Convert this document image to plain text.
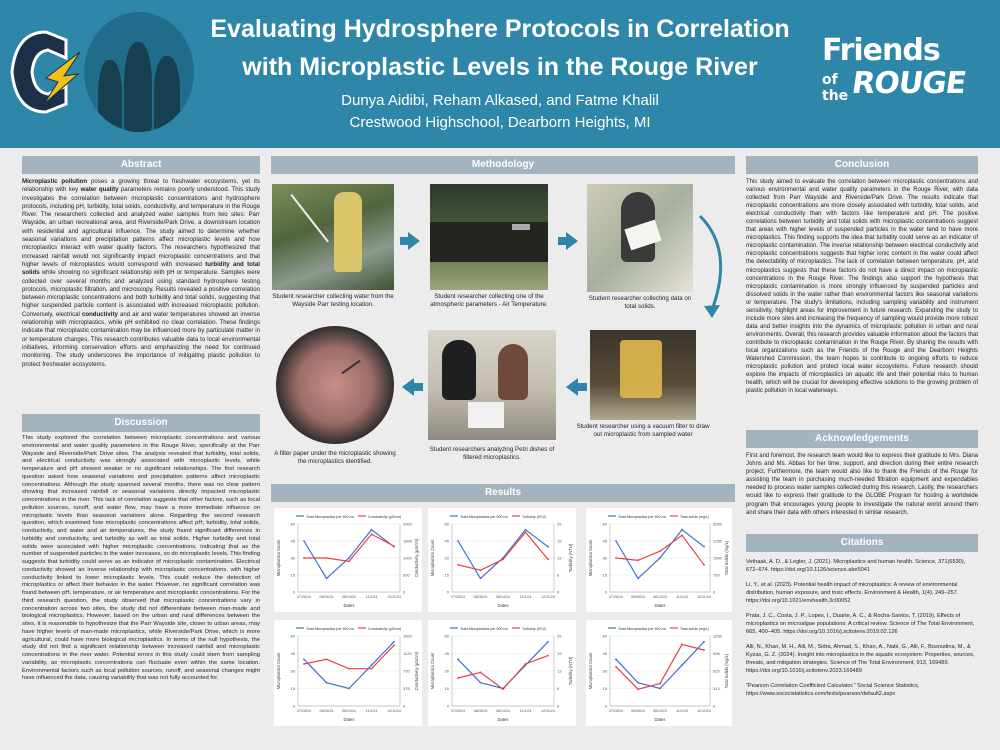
Evaluating Hydrosphere Protocols in Correlation
with Microplastic Levels in the Rouge River
Dunya Aidibi, Reham Alkased, and Fatme Khalil
Crestwood Highschool, Dearborn Heights, MI
Friends
of theROUGE
Abstract
Microplastic pollution poses a growing threat to freshwater ecosystems, yet its relationship with key water quality parameters remains poorly understood. This study investigates the correlation between microplastic concentrations and hydrosphere protocols, including pH, turbidity, total solids, conductivity, and temperature in the Rouge River. The researchers collected and analyzed water samples from two sites: Parr Wayside, an urban recreational area, and Riverside/Park Drive, a downstream location with residential and agricultural influence. The study aimed to determine whether seasonal variations and precipitation patterns affect microplastic levels and how microplastics interact with water quality factors. The researchers hypothesized that increased rainfall would not significantly impact microplastic concentrations and that higher levels of microplastics would correspond with increased turbidity and total solids while showing no significant relationship with pH or temperature. Samples were collected over several months and analyzed using standard hydrosphere testing protocols, microplastic filtration, and microscopy. Results revealed a positive correlation between microplastic concentrations and both turbidity and total solids, suggesting that higher suspended particle content is associated with increased microplastic pollution. Conversely, electrical conductivity and air and water temperatures showed an inverse relationship with microplastics, while pH exhibited no clear correlation. These findings indicate that microplastic contamination may be influenced more by particulate matter in or temperature changes. This research contributes valuable data to local environmental initiatives, informing conservation efforts and emphasizing the need for continued monitoring. The study underscores the importance of mitigating plastic pollution to protect freshwater ecosystems.
Discussion
This study explored the correlation between microplastic concentrations and various environmental and water quality parameters in the Rouge River, specifically at the Parr Wayside and Riverside/Park Drive sites. The analysis revealed that turbidity, total solids, and electrical conductivity was strongly associated with microplastic levels, while temperature and pH showed weaker or no significant relationships. The first research question asked how seasonal variations and precipitation patterns affect microplastic concentrations. Although the study spanned several months, there was no clear pattern showing that increased rainfall or seasonal variations directly impacted microplastic concentrations in the river. This lack of correlation suggests that other factors, such as local pollution sources, runoff, and water flow, may have a more immediate influence on microplastic levels than seasonal variations alone. Regarding the second research question, which examined how microplastic concentrations affect pH, turbidity, total solids, conductivity, and water and air temperatures, the study found significant differences in turbidity and conductivity, and turbidity as well as total solids. Higher turbidity and total solids were associated with higher microplastic concentrations, indicating that as the number of suspended particles in the water increases, so do microplastic levels. This finding suggests that turbidity could serve as an indicator of microplastic contamination. Electrical conductivity showed an inverse relationship with microplastic concentrations, with higher conductivity linked to lower microplastic levels. This could reduce the detection of microplastics or affect their behavior in the water. However, no significant correlation was found between pH, temperature, or air temperature and microplastic concentrations. For the third research question, the study observed that microplastic concentrations vary in concentration across two sites, the study did not differentiate between man-made and biological microplastics. However, based on the urban and rural differences between the sites, it is reasonable to hypothesize that the Parr Wayside site, closer to urban areas, may have higher levels of man-made microplastics, while Riverside/Park Drive, which is more agricultural, could have more biological microplastics. In terms of the null hypothesis, the study did not find a significant relationship between increased rainfall and microplastic concentrations in the river water. Potential errors in this study could stem from sampling variability, as microplastic concentrations can fluctuate even within the same location. Environmental factors such as local pollution sources, runoff, and seasonal changes might have influenced the data, causing variability that was not fully accounted for.
Methodology
Student researcher collecting water from the Wayside Parr testing location.
Student researcher collecting one of the atmospheric parameters - Air Temperature.
Student researcher collecting data on total solids.
A filter paper under the microplastic showing the microplastics identified.
Student researchers analyzing Petri dishes of filtered microplastics.
Student researcher using a vacuum filter to draw out microplastic from sampled water
Results
Total Microplastics per 500 mL	Conductivity (µS/cm)
0	0
15	500
30	1000
45	1500
60	2000
07/26/24 08/05/24 08/14/24	11/1/24	12/11/24
Dates
Microplastics Count	Conductivity (µS/cm)
Total Microplastics per 500 mL	Turbidity (NTU)
0	0
15	6
30	13
45	19
60	25
07/26/24 08/05/24 08/14/24	11/1/24	12/11/24
Dates
Microplastics Count	Turbidity (NTU)
Total Microplastics per 500 mL	Total solids (mg/L)
0	0
15	750
30	1500
45	2250
60	3000
07/26/24 08/05/24 08/14/24	11/1/24	12/11/24
Dates
Microplastics Count	Total Solids (mg/L)
Total Microplastics per 500 mL	Conductivity (µS/cm)
0	0
15	375
30	750
45	1125
60	1500
07/26/24 08/05/24 08/14/24	11/1/24	12/11/24
Dates
Microplastics Count	Conductivity (µS/cm)
Total Microplastics per 500 mL	Turbidity (NTU)
0	0
15	6
30	13
45	19
60	25
07/26/24 08/05/24 08/14/24	11/1/24	12/11/24
Dates
Microplastics Count	Turbidity (NTU)
Total Microplastics per 500 mL	Total solids (mg/L)
0	0
15	313
30	625
45	938
60	1250
07/26/24 08/05/24 08/14/24	11/1/24	12/11/24
Dates
Microplastics Count	Total Solids (mg/L)
Conclusion
This study aimed to evaluate the correlation between microplastic concentrations and various environmental and water quality parameters in the Rouge River, with data collected from Parr Wayside and Riverside/Park Drive. The results indicate that microplastic concentrations are more closely associated with turbidity, total solids, and electrical conductivity than with factors like temperature and pH. The positive correlations between turbidity and total solids with microplastic concentrations suggest that areas with higher levels of suspended particles in the water tend to have more microplastics. This finding supports the idea that turbidity could serve as an indicator of microplastic contamination. The inverse relationship between electrical conductivity and microplastic concentrations suggests that higher ionic content in the water could affect the detectability of microplastics. The lack of correlation between temperature, pH, and microplastics suggests that these factors do not have a direct impact on microplastic concentrations in the Rouge River. The findings also support the hypothesis that microplastic contamination is more strongly influenced by suspended particles and dissolved solids in the water rather than environmental factors like seasonal variations or temperature. The study's limitations, including sampling variability and instrument sensitivity, highlight areas for improvement in future research. Expanding the study to include more sites and increasing the frequency of sampling would provide more robust data and better insights into the dynamics of microplastic pollution in urban and rural environments. Overall, this research provides valuable information about the factors that contribute to microplastic contamination in the Rouge River. By sharing the results with local organizations such as the Friends of the Rouge and the Dearborn Heights Watershed Commission, the team hopes to contribute to ongoing efforts to reduce microplastic pollution and protect local water ecosystems. Future research should explore the impacts of microplastics on aquatic life and their potential risks to human health, which will be crucial for developing effective solutions to the growing problem of plastic pollution in local waterways.
Acknowledgements
First and foremost, the research team would like to express their gratitude to Mrs. Diana Johns and Ms. Abbas for her time, support, and direction during their entire research project. Furthermore, the team would also like to thank the Friends of the Rouge for assisting the team in purchasing much-needed filtration equipment and expendables needed to process water samples collected during this research. Lastly, the researchers would like to express their gratitude to the GLOBE Program for hosting a worldwide program that encourages young people to investigate the natural world around them and share their data with others interested in similar research.
Citations
Vethaak, A. D., & Legler, J. (2021). Microplastics and human health. Science, 371(6530), 672–674. https://doi.org/10.1126/science.abe5041
Li, Y., et al. (2023). Potential health impact of microplastics: A review of environmental distribution, human exposure, and toxic effects. Environment & Health, 1(4), 249–257. https://doi.org/10.1021/envhealth.3c00052
Prata, J. C., Costa, J. P., Lopes, I., Duarte, A. C., & Rocha-Santos, T. (2019). Effects of microplastics on microalgae populations: A critical review. Science of The Total Environment, 665, 400–405. https://doi.org/10.1016/j.scitotenv.2019.02.126
Alli, N., Khan, M. H., Alli, M., Sidra, Ahmad, S., Khan, A., Nabi, G., Alli, F., Bosnudina, M., & Kyzas, G. Z. (2024). Insight into microplastics in the aquatic ecosystem: Properties, sources, threats, and mitigation strategies. Science of The Total Environment, 913, 169489. https://doi.org/10.1016/j.scitotenv.2023.169489
"Pearson Correlation Coefficient Calculator." Social Science Statistics, https://www.socscistatistics.com/tests/pearson/default2.aspx
